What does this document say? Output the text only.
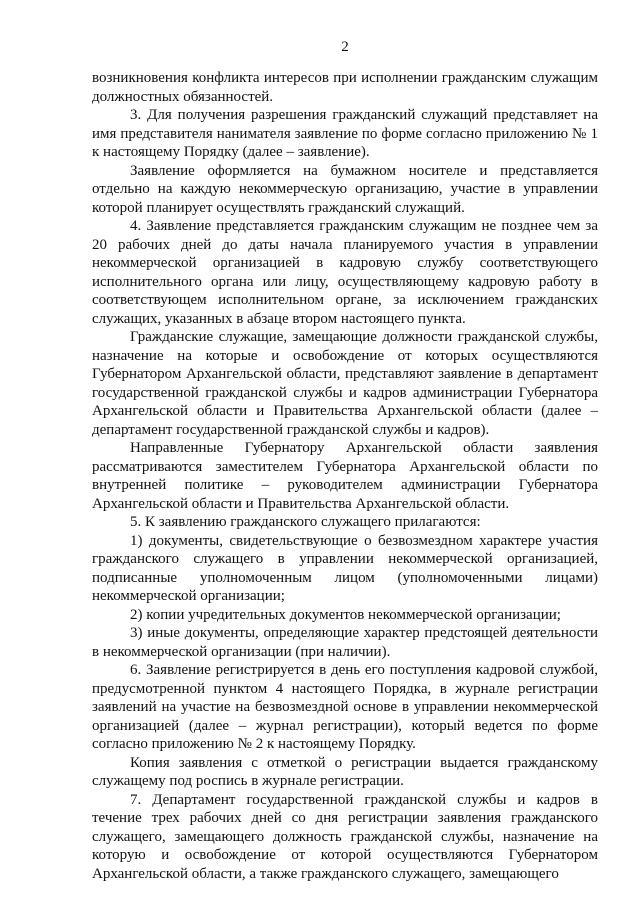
2

возникновения конфликта интересов при исполнении гражданским служащим должностных обязанностей.

3. Для получения разрешения гражданский служащий представляет на имя представителя нанимателя заявление по форме согласно приложению № 1 к настоящему Порядку (далее – заявление).

Заявление оформляется на бумажном носителе и представляется отдельно на каждую некоммерческую организацию, участие в управлении которой планирует осуществлять гражданский служащий.

4. Заявление представляется гражданским служащим не позднее чем за 20 рабочих дней до даты начала планируемого участия в управлении некоммерческой организацией в кадровую службу соответствующего исполнительного органа или лицу, осуществляющему кадровую работу в соответствующем исполнительном органе, за исключением гражданских служащих, указанных в абзаце втором настоящего пункта.

Гражданские служащие, замещающие должности гражданской службы, назначение на которые и освобождение от которых осуществляются Губернатором Архангельской области, представляют заявление в департамент государственной гражданской службы и кадров администрации Губернатора Архангельской области и Правительства Архангельской области (далее – департамент государственной гражданской службы и кадров).

Направленные Губернатору Архангельской области заявления рассматриваются заместителем Губернатора Архангельской области по внутренней политике – руководителем администрации Губернатора Архангельской области и Правительства Архангельской области.

5. К заявлению гражданского служащего прилагаются:

1) документы, свидетельствующие о безвозмездном характере участия гражданского служащего в управлении некоммерческой организацией, подписанные уполномоченным лицом (уполномоченными лицами) некоммерческой организации;

2) копии учредительных документов некоммерческой организации;

3) иные документы, определяющие характер предстоящей деятельности в некоммерческой организации (при наличии).

6. Заявление регистрируется в день его поступления кадровой службой, предусмотренной пунктом 4 настоящего Порядка, в журнале регистрации заявлений на участие на безвозмездной основе в управлении некоммерческой организацией (далее – журнал регистрации), который ведется по форме согласно приложению № 2 к настоящему Порядку.

Копия заявления с отметкой о регистрации выдается гражданскому служащему под роспись в журнале регистрации.

7. Департамент государственной гражданской службы и кадров в течение трех рабочих дней со дня регистрации заявления гражданского служащего, замещающего должность гражданской службы, назначение на которую и освобождение от которой осуществляются Губернатором Архангельской области, а также гражданского служащего, замещающего
